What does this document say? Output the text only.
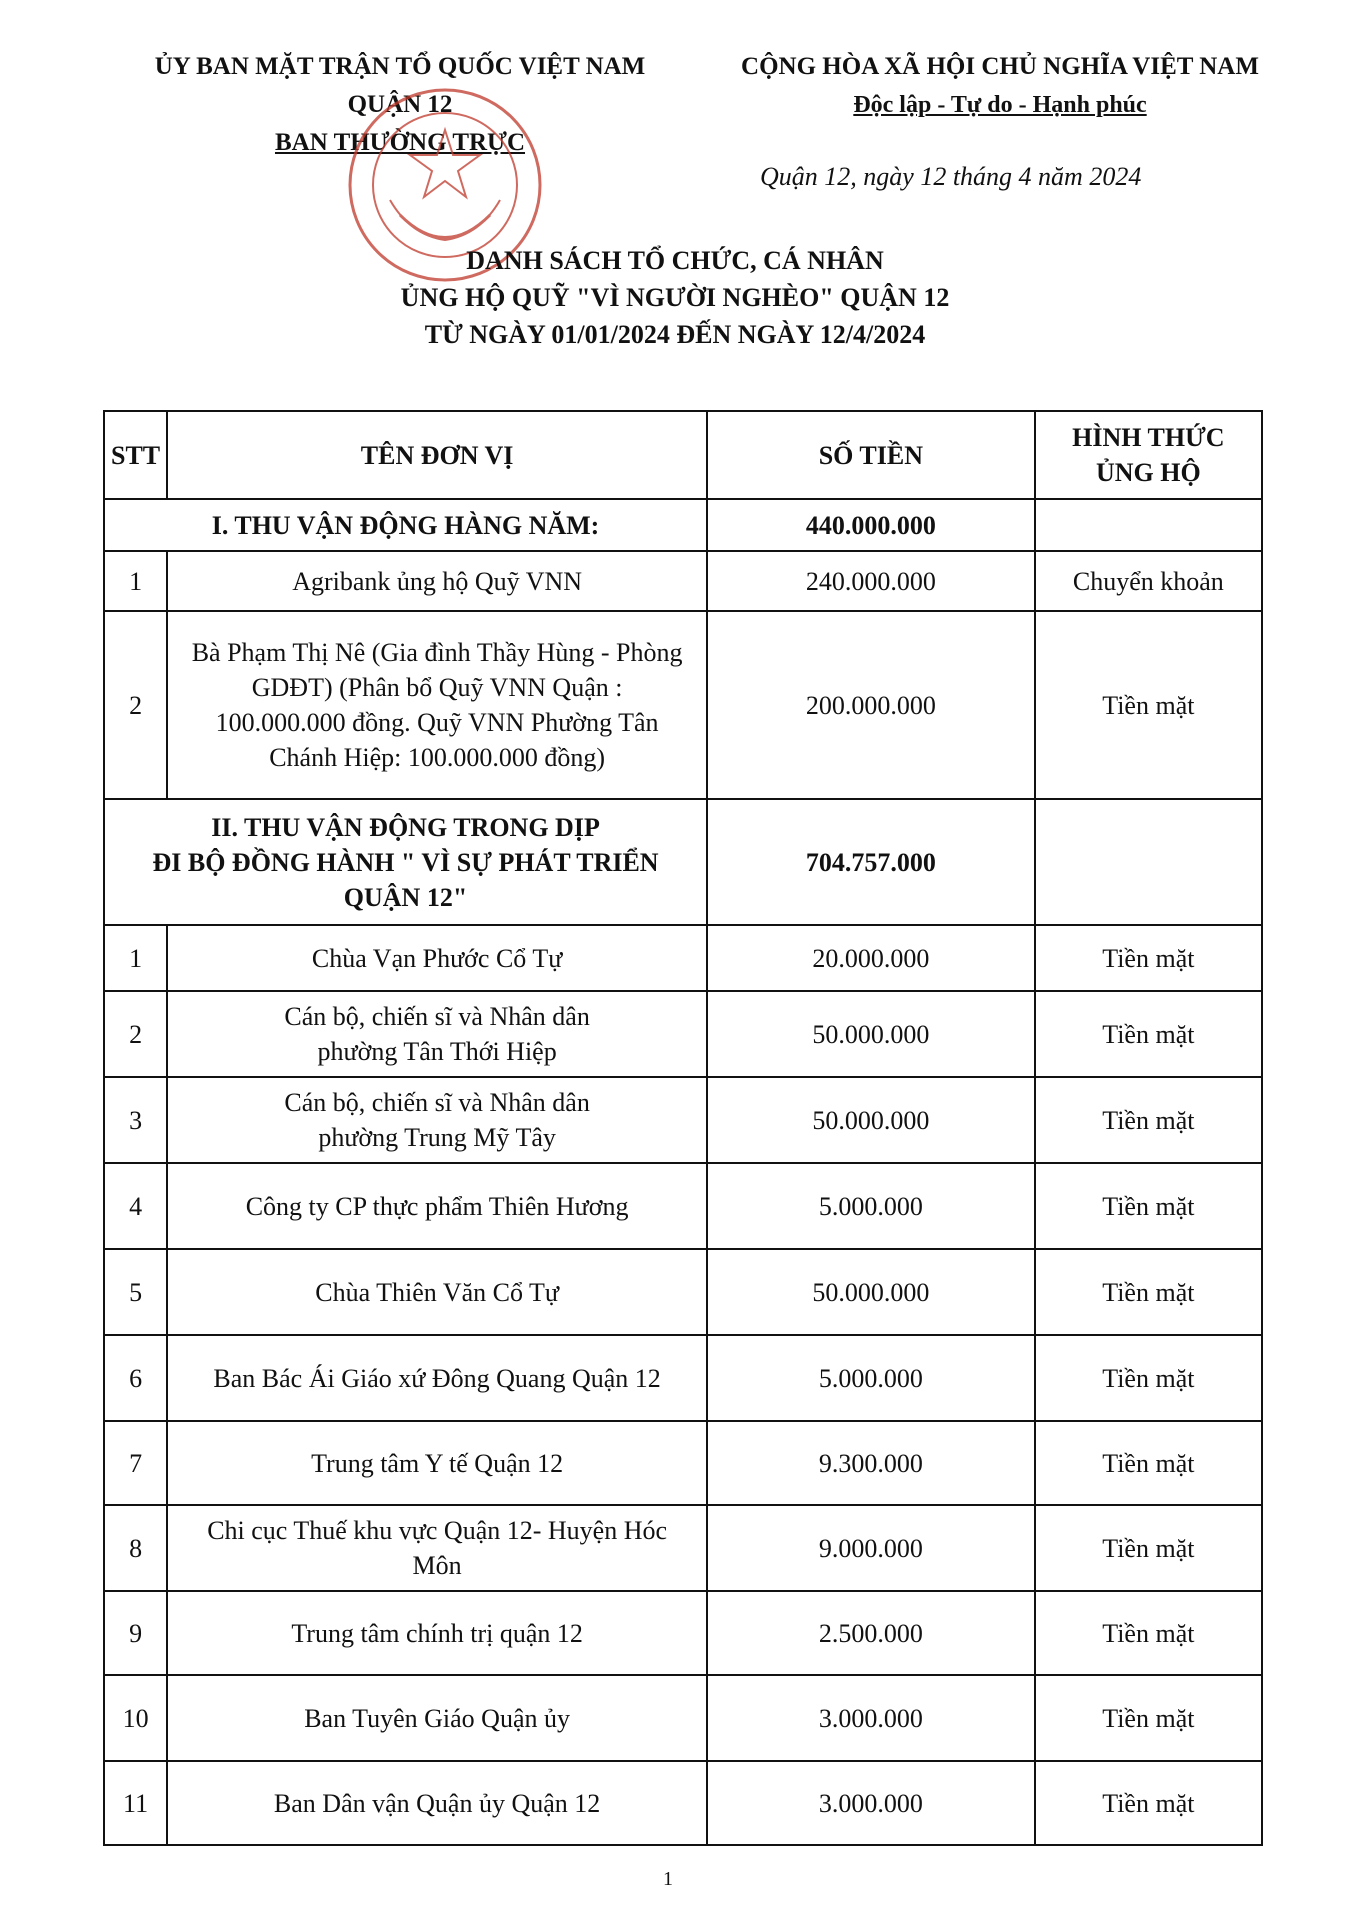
ỦY BAN MẶT TRẬN TỔ QUỐC VIỆT NAM
QUẬN 12
BAN THƯỜNG TRỰC
CỘNG HÒA XÃ HỘI CHỦ NGHĨA VIỆT NAM
Độc lập - Tự do - Hạnh phúc
Quận 12, ngày 12 tháng 4 năm 2024
DANH SÁCH TỔ CHỨC, CÁ NHÂN
ỦNG HỘ QUỸ "VÌ NGƯỜI NGHÈO" QUẬN 12
TỪ NGÀY 01/01/2024 ĐẾN NGÀY 12/4/2024
STT	TÊN ĐƠN VỊ	SỐ TIỀN	HÌNH THỨC
ỦNG HỘ

I. THU VẬN ĐỘNG HÀNG NĂM:		440.000.000	
1	Agribank ủng hộ Quỹ VNN	240.000.000	Chuyển khoản
2	Bà Phạm Thị Nê (Gia đình Thầy Hùng - Phòng
GDĐT) (Phân bổ Quỹ VNN Quận :
100.000.000 đồng. Quỹ VNN Phường Tân
Chánh Hiệp: 100.000.000 đồng)	200.000.000	Tiền mặt

II. THU VẬN ĐỘNG TRONG DỊP
ĐI BỘ ĐỒNG HÀNH " VÌ SỰ PHÁT TRIỂN
QUẬN 12"		704.757.000	
1	Chùa Vạn Phước Cổ Tự	20.000.000	Tiền mặt
2	Cán bộ, chiến sĩ và Nhân dân
phường Tân Thới Hiệp	50.000.000	Tiền mặt
3	Cán bộ, chiến sĩ và Nhân dân
phường Trung Mỹ Tây	50.000.000	Tiền mặt
4	Công ty CP thực phẩm Thiên Hương	5.000.000	Tiền mặt
5	Chùa Thiên Văn Cổ Tự	50.000.000	Tiền mặt
6	Ban Bác Ái Giáo xứ Đông Quang Quận 12	5.000.000	Tiền mặt
7	Trung tâm Y tế Quận 12	9.300.000	Tiền mặt
8	Chi cục Thuế khu vực Quận 12- Huyện Hóc
Môn	9.000.000	Tiền mặt
9	Trung tâm chính trị quận 12	2.500.000	Tiền mặt
10	Ban Tuyên Giáo Quận ủy	3.000.000	Tiền mặt
11	Ban Dân vận Quận ủy Quận 12	3.000.000	Tiền mặt
1
